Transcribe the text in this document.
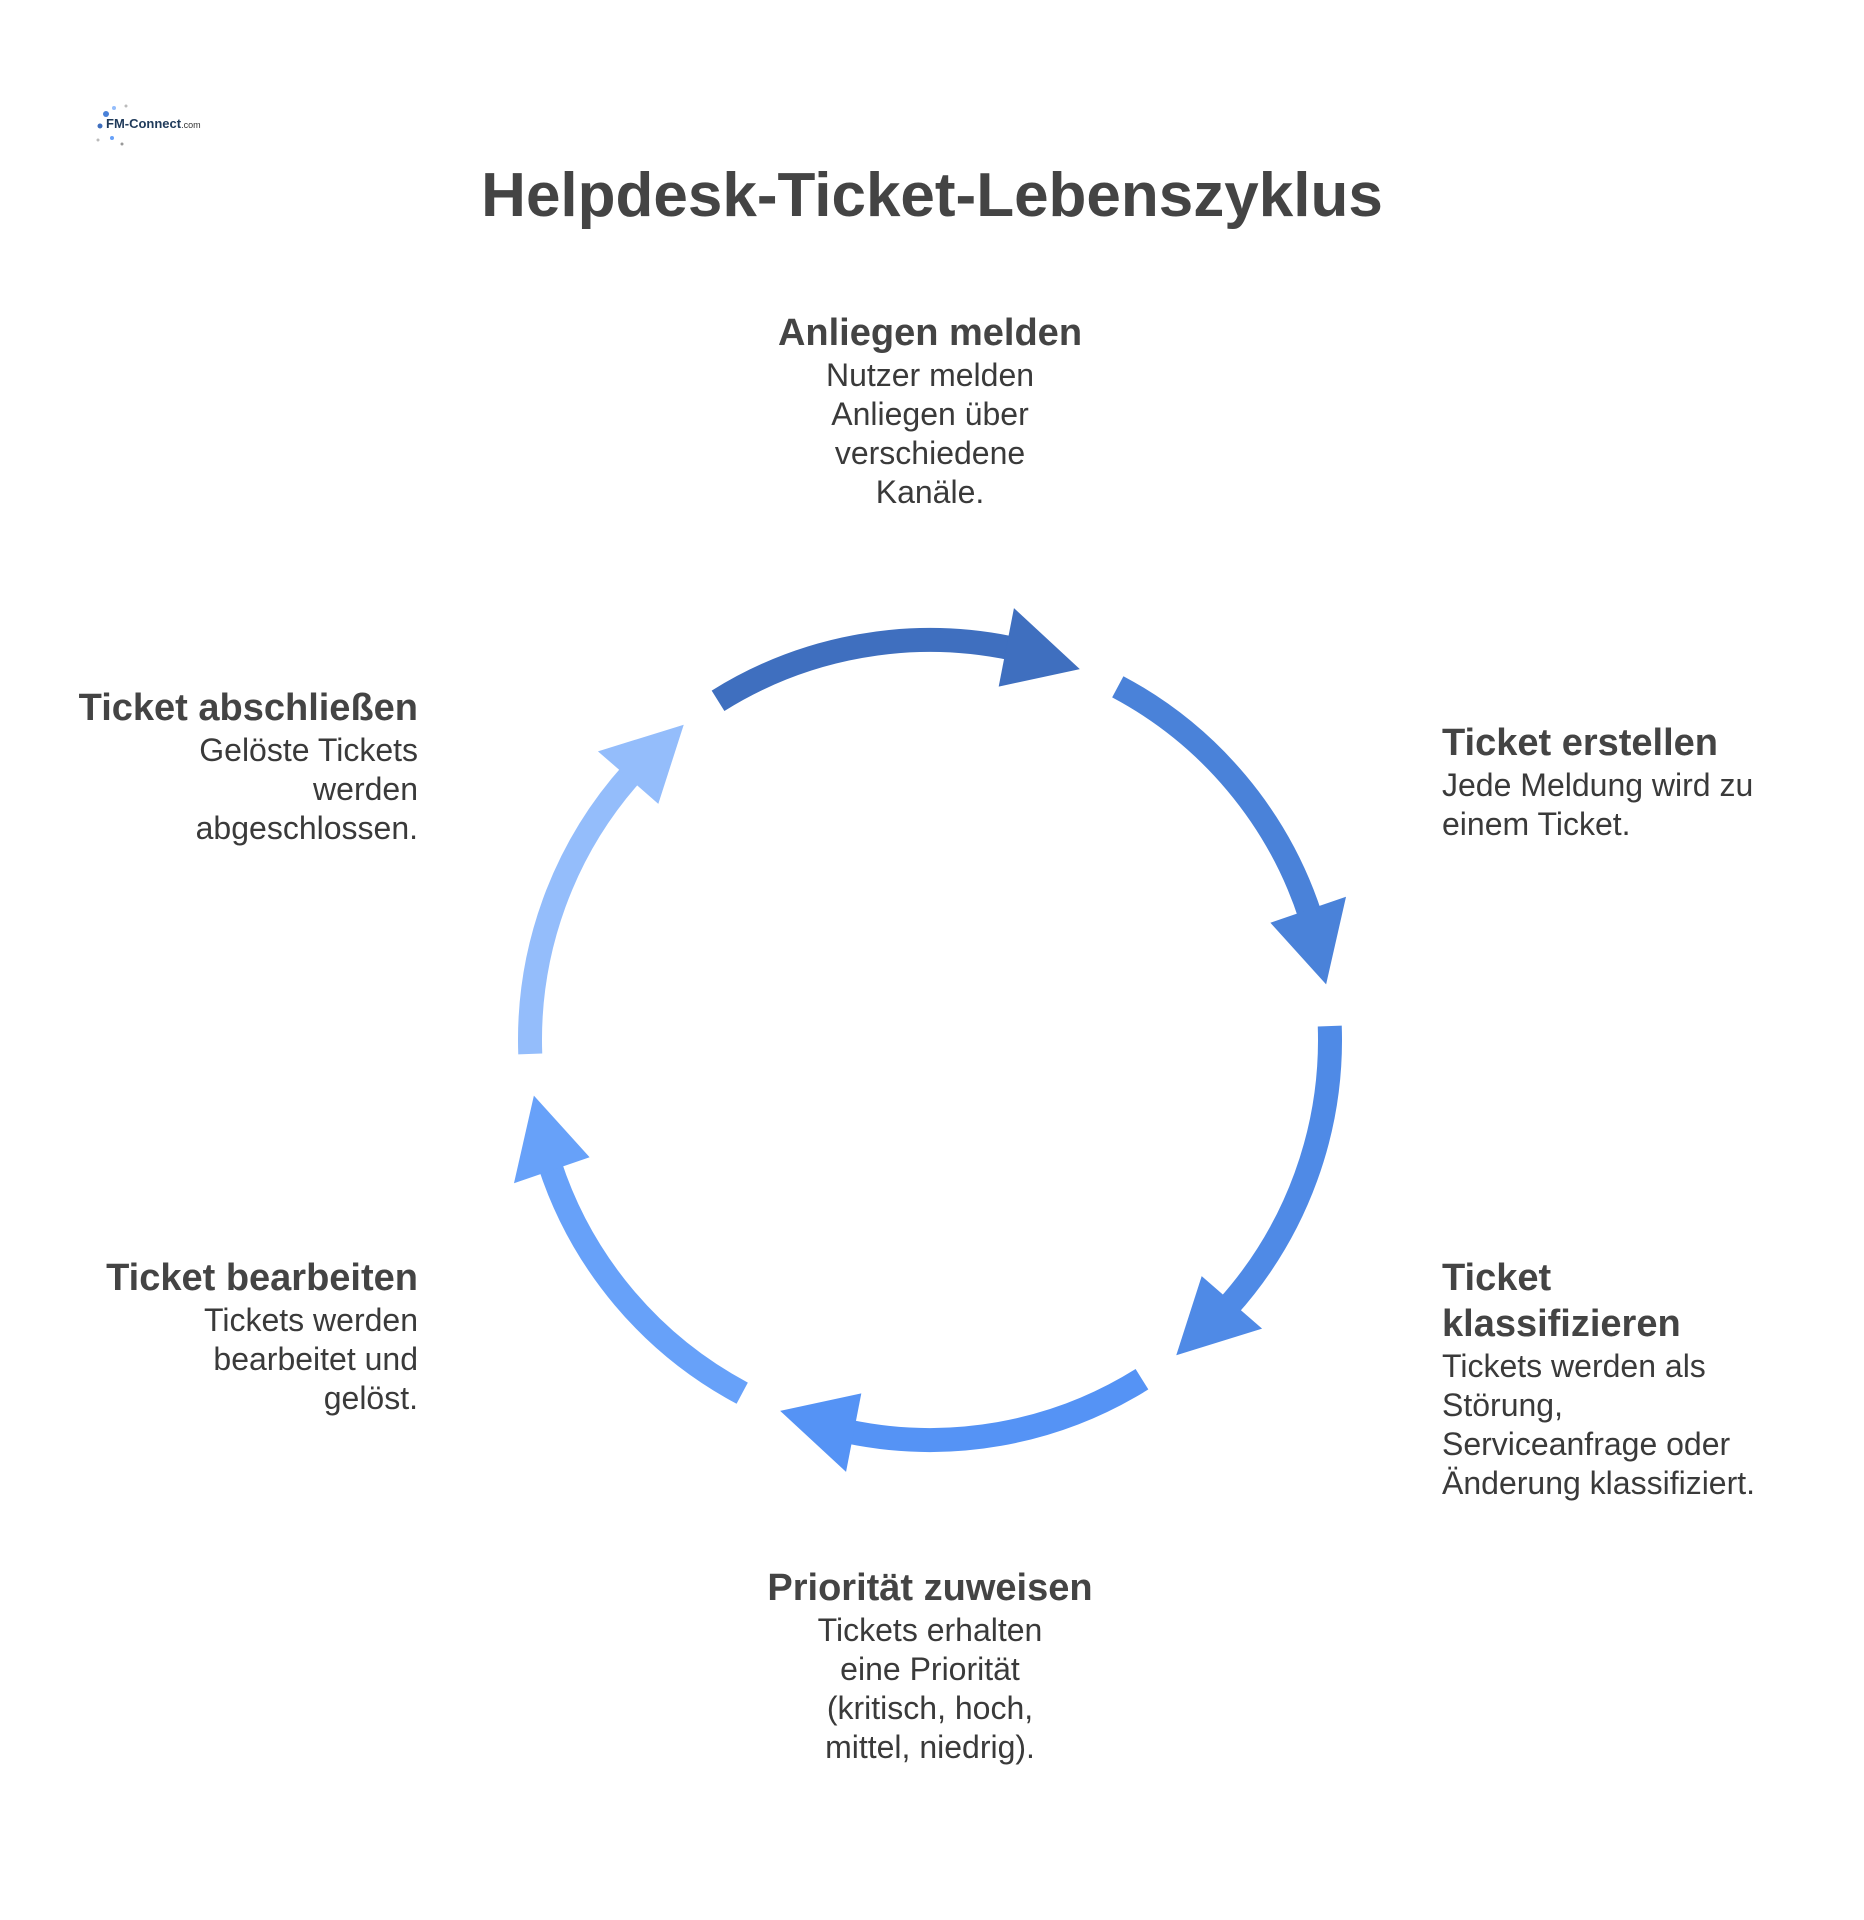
FM-Connect.com
Helpdesk-Ticket-Lebenszyklus
Anliegen melden
Nutzer melden Anliegen über verschiedene Kanäle.
Ticket erstellen
Jede Meldung wird zu einem Ticket.
Ticket klassifizieren
Tickets werden als Störung, Serviceanfrage oder Änderung klassifiziert.
Priorität zuweisen
Tickets erhalten eine Priorität (kritisch, hoch, mittel, niedrig).
Ticket bearbeiten
Tickets werden bearbeitet und gelöst.
Ticket abschließen
Gelöste Tickets werden abgeschlossen.
